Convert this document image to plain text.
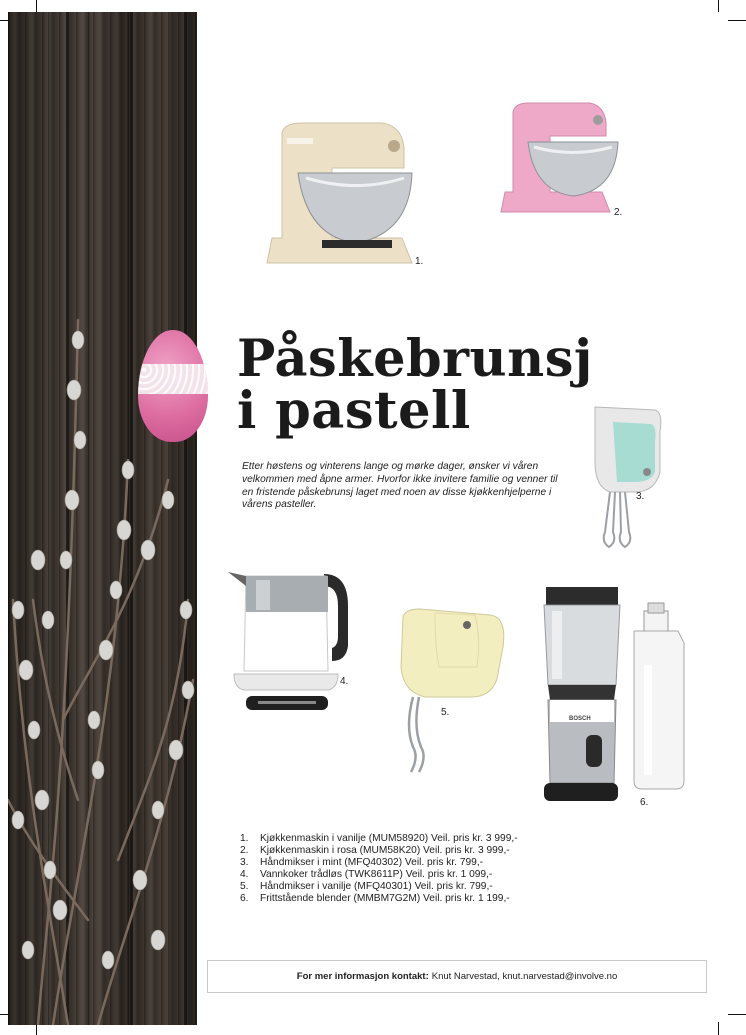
1.
2.
Påskebrunsj
i pastell
3.

Etter høstens og vinterens lange og mørke dager, ønsker vi våren velkommen med åpne armer. Hvorfor ikke invitere familie og venner til en fristende påskebrunsj laget med noen av disse kjøkkenhjelperne i vårens pasteller.

4.
5.
BOSCH
6.
1.	Kjøkkenmaskin i vanilje (MUM58920) Veil. pris kr. 3 999,-
2.	Kjøkkenmaskin i rosa (MUM58K20) Veil. pris kr. 3 999,-
3.	Håndmikser i mint (MFQ40302) Veil. pris kr. 799,-
4.	Vannkoker trådløs (TWK8611P) Veil. pris kr. 1 099,-
5.	Håndmikser i vanilje (MFQ40301) Veil. pris kr. 799,-
6.	Frittstående blender (MMBM7G2M) Veil. pris kr. 1 199,-
For mer informasjon kontakt: Knut Narvestad, knut.narvestad@involve.no
